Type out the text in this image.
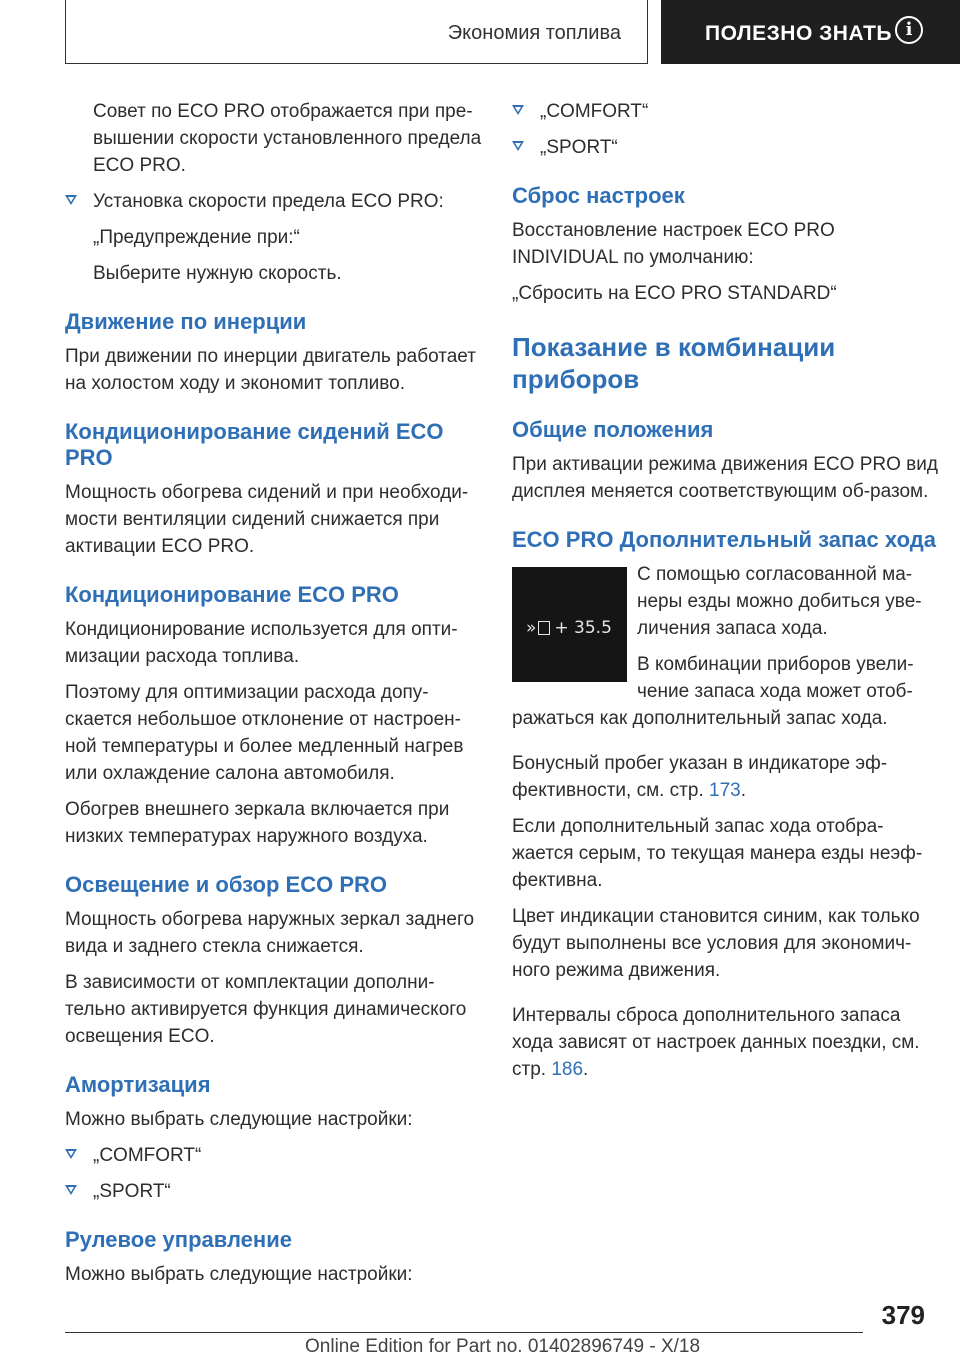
Экономия топлива	ПОЛЕЗНО ЗНАТЬ i

Совет по ECO PRO отображается при пре-вышении скорости установленного предела ECO PRO.

Установка скорости предела ECO PRO:

„Предупреждение при:“

Выберите нужную скорость.

Движение по инерции

При движении по инерции двигатель работает на холостом ходу и экономит топливо.

Кондиционирование сидений ECO PRO

Мощность обогрева сидений и при необходи-мости вентиляции сидений снижается при активации ECO PRO.

Кондиционирование ECO PRO

Кондиционирование используется для опти-мизации расхода топлива.

Поэтому для оптимизации расхода допу-скается небольшое отклонение от настроен-ной температуры и более медленный нагрев или охлаждение салона автомобиля.

Обогрев внешнего зеркала включается при низких температурах наружного воздуха.

Освещение и обзор ECO PRO

Мощность обогрева наружных зеркал заднего вида и заднего стекла снижается.

В зависимости от комплектации дополни-тельно активируется функция динамического освещения ECO.

Амортизация

Можно выбрать следующие настройки:

„COMFORT“
„SPORT“
Рулевое управление

Можно выбрать следующие настройки:

„COMFORT“
„SPORT“
Сброс настроек

Восстановление настроек ECO PRO INDIVIDUAL по умолчанию:

„Сбросить на ECO PRO STANDARD“

Показание в комбинации приборов
Общие положения

При активации режима движения ECO PRO вид дисплея меняется соответствующим об-разом.

ECO PRO Дополнительный запас хода
» + 35.5

С помощью согласованной ма-неры езды можно добиться уве-личения запаса хода.

В комбинации приборов увели-чение запаса хода может отоб-ражаться как дополнительный запас хода.

Бонусный пробег указан в индикаторе эф-фективности, см. стр. 173.

Если дополнительный запас хода отобра-жается серым, то текущая манера езды неэф-фективна.

Цвет индикации становится синим, как только будут выполнены все условия для экономич-ного режима движения.

Интервалы сброса дополнительного запаса хода зависят от настроек данных поездки, см. стр. 186.

379
Online Edition for Part no. 01402896749 - X/18
